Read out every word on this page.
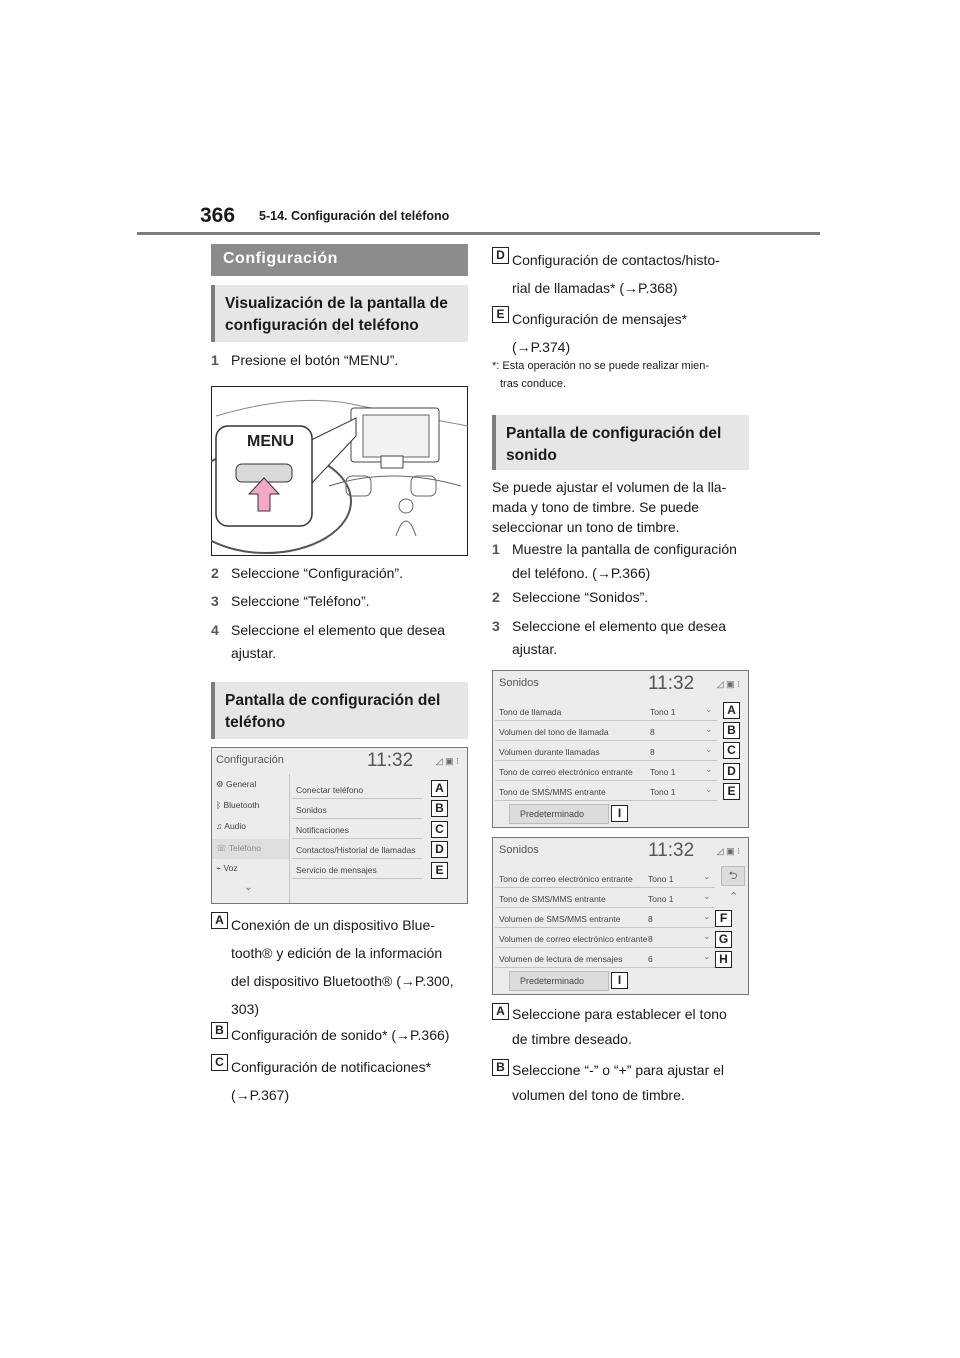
366 5-14. Configuración del teléfono
Configuración
Visualización de la pantalla de configuración del teléfono
1 Presione el botón “MENU”.
MENU
2 Seleccione “Configuración”.
3 Seleccione “Teléfono”.
4 Seleccione el elemento que desea ajustar.
Pantalla de configuración del teléfono
Configuración	11:32	◿ ▣ ⁝
⚙ General
ᛒ Bluetooth
♫ Audio
☏ Teléfono
⌁ Voz
⌄
Conectar teléfono
Sonidos
Notificaciones
Contactos/Historial de llamadas
Servicio de mensajes
A
B
C
D
E
A Conexión de un dispositivo Blue-
tooth® y edición de la información
del dispositivo Bluetooth® (→P.300,
303)
B Configuración de sonido* (→P.366)
C Configuración de notificaciones*
(→P.367)
D Configuración de contactos/histo-
rial de llamadas* (→P.368)
E Configuración de mensajes*
(→P.374)
*: Esta operación no se puede realizar mien-
tras conduce.
Pantalla de configuración del sonido
Se puede ajustar el volumen de la lla-
mada y tono de timbre. Se puede
seleccionar un tono de timbre.
1 Muestre la pantalla de configuración
del teléfono. (→P.366)
2 Seleccione “Sonidos”.
3 Seleccione el elemento que desea
ajustar.
Sonidos	11:32	◿ ▣ ⁝
Tono de llamada	Tono 1	⌄
Volumen del tono de llamada	8	⌄
Volumen durante llamadas	8	⌄
Tono de correo electrónico entrante Tono 1	⌄
Tono de SMS/MMS entrante	Tono 1	⌄
Predeterminado	I
A
B
C
D
E
Sonidos	11:32	◿ ▣ ⁝
Tono de correo electrónico entrante Tono 1	⌄
Tono de SMS/MMS entrante	Tono 1	⌄
Volumen de SMS/MMS entrante	8	⌄
Volumen de correo electrónico entrante 8	⌄
Volumen de lectura de mensajes	6	⌄
⮌
⌃
Predeterminado	I
F
G
H
A Seleccione para establecer el tono
de timbre deseado.
B Seleccione “-” o “+” para ajustar el
volumen del tono de timbre.
